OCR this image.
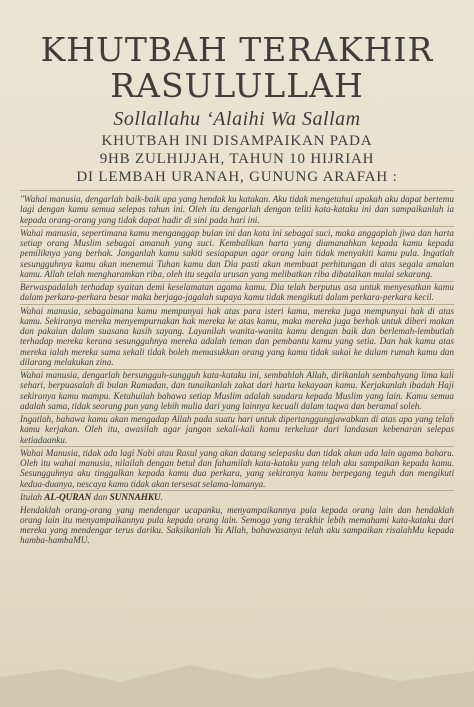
KHUTBAH TERAKHIR
RASULULLAH
Sollallahu ‘Alaihi Wa Sallam
KHUTBAH INI DISAMPAIKAN PADA
9HB ZULHIJJAH, TAHUN 10 HIJRIAH
DI LEMBAH URANAH, GUNUNG ARAFAH :

"Wahai manusia, dengarlah baik-baik apa yang hendak ku katakan. Aku tidak mengetahui apakah aku dapat bertemu lagi dengan kamu semua selepas tahun ini. Oleh itu dengarlah dengan teliti kata-kataku ini dan sampaikanlah ia kepada orang-orang yang tidak dapat hadir di sini pada hari ini.

Wahai manusia, sepertimana kamu menganggap bulan ini dan kota ini sebagai suci, maka anggaplah jiwa dan harta setiap orang Muslim sebagai amanah yang suci. Kembalikan harta yang diamanahkan kepada kamu kepada pemiliknya yang berhak. Janganlah kamu sakiti sesiapapun agar orang lain tidak menyakiti kamu pula. Ingatlah sesungguhnya kamu akan menemui Tuhan kamu dan Dia pasti akan membuat perhitungan di atas segala amalan kamu. Allah telah mengharamkan riba, oleh itu segala urusan yang melibatkan riba dibatalkan mulai sekarang.

Berwaspadalah terhadap syaitan demi keselamatan agama kamu. Dia telah berputus asa untuk menyesatkan kamu dalam perkara-perkara besar maka berjaga-jagalah supaya kamu tidak mengikuti dalam perkara-perkara kecil.

Wahai manusia, sebagaimana kamu mempunyai hak atas para isteri kamu, mereka juga mempunyai hak di atas kamu. Sekiranya mereka menyempurnakan hak mereka ke atas kamu, maka mereka juga berhak untuk diberi makan dan pakaian dalam suasana kasih sayang. Layanilah wanita-wanita kamu dengan baik dan berlemah-lembutlah terhadap mereka kerana sesungguhnya mereka adalah teman dan pembantu kamu yang setia. Dan hak kamu atas mereka ialah mereka sama sekali tidak boleh memasukkan orang yang kamu tidak sukai ke dalam rumah kamu dan dilarang melakukan zina.

Wahai manusia, dengarlah bersungguh-sungguh kata-kataku ini, sembahlah Allah, dirikanlah sembahyang lima kali sehari, berpuasalah di bulan Ramadan, dan tunaikanlah zakat dari harta kekayaan kamu. Kerjakanlah ibadah Haji sekiranya kamu mampu. Ketahuilah bahawa setiap Muslim adalah saudara kepada Muslim yang lain. Kamu semua adalah sama, tidak seorang pun yang lebih mulia dari yang lainnya kecuali dalam taqwa dan beramal soleh.

Ingatlah, bahawa kamu akan mengadap Allah pada suatu hari untuk dipertanggungjawabkan di atas apa yang telah kamu kerjakan. Oleh itu, awasilah agar jangan sekali-kali kamu terkeluar dari landasan kebenaran selepas ketiadaanku.

Wahai Manusia, tidak ada lagi Nabi atau Rasul yang akan datang selepasku dan tidak akan ada lain agama baharu. Oleh itu wahai manusia, nilailah dengan betul dan fahamilah kata-kataku yang telah aku sampaikan kepada kamu. Sesungguhnya aku tinggalkan kepada kamu dua perkara, yang sekiranya kamu berpegang teguh dan mengikuti kedua-duanya, nescaya kamu tidak akan tersesat selama-lamanya.

Itulah AL-QURAN dan SUNNAHKU.

Hendaklah orang-orang yang mendengar ucapanku, menyampaikannya pula kepada orang lain dan hendaklah orang lain itu menyampaikannya pula kepada orang lain. Semoga yang terakhir lebih memahami kata-kataku dari mereka yang mendengar terus dariku. Saksikanlah Ya Allah, bahawasanya telah aku sampaikan risalahMu kepada hamba-hambaMU.
